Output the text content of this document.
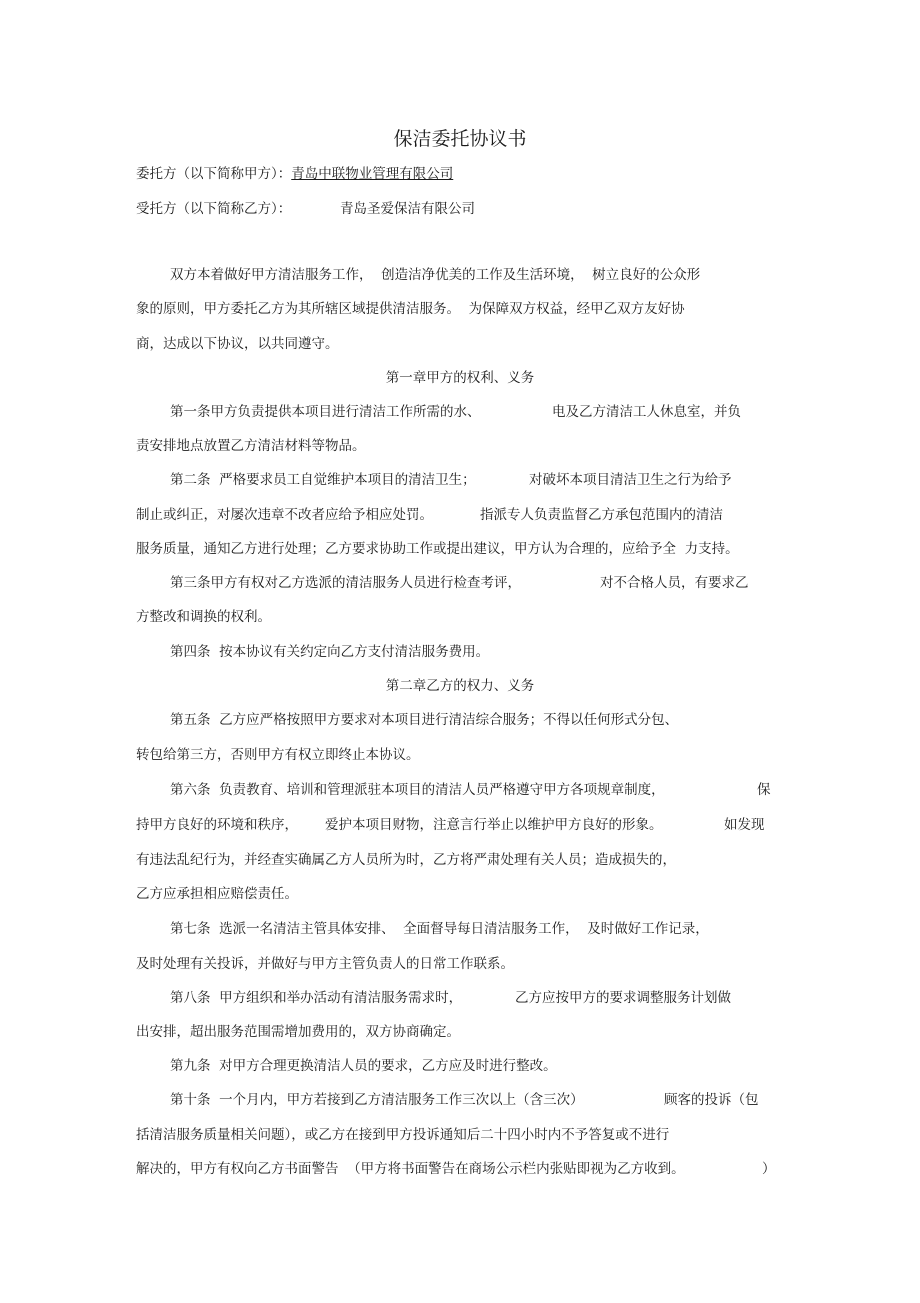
保洁委托协议书
委托方（以下简称甲方）：青岛中联物业管理有限公司
受托方（以下简称乙方）：	青岛圣爱保洁有限公司
双方本着做好甲方清洁服务工作，  创造洁净优美的工作及生活环境，  树立良好的公众形
象的原则，甲方委托乙方为其所辖区域提供清洁服务。  为保障双方权益，经甲乙双方友好协
商，达成以下协议，以共同遵守。
第一章甲方的权利、义务
第一条甲方负责提供本项目进行清洁工作所需的水、	电及乙方清洁工人休息室，并负
责安排地点放置乙方清洁材料等物品。
第二条  严格要求员工自觉维护本项目的清洁卫生；	对破坏本项目清洁卫生之行为给予
制止或纠正，对屡次违章不改者应给予相应处罚。	指派专人负责监督乙方承包范围内的清洁
服务质量，通知乙方进行处理；乙方要求协助工作或提出建议，甲方认为合理的，应给予全  力支持。
第三条甲方有权对乙方选派的清洁服务人员进行检查考评，	对不合格人员，有要求乙
方整改和调换的权利。
第四条  按本协议有关约定向乙方支付清洁服务费用。
第二章乙方的权力、义务
第五条  乙方应严格按照甲方要求对本项目进行清洁综合服务；不得以任何形式分包、
转包给第三方，否则甲方有权立即终止本协议。
第六条  负责教育、培训和管理派驻本项目的清洁人员严格遵守甲方各项规章制度，	保
持甲方良好的环境和秩序， 爱护本项目财物，注意言行举止以维护甲方良好的形象。	如发现
有违法乱纪行为，并经查实确属乙方人员所为时，乙方将严肃处理有关人员；造成损失的，
乙方应承担相应赔偿责任。
第七条  选派一名清洁主管具体安排、  全面督导每日清洁服务工作，  及时做好工作记录，
及时处理有关投诉，并做好与甲方主管负责人的日常工作联系。
第八条  甲方组织和举办活动有清洁服务需求时，	乙方应按甲方的要求调整服务计划做
出安排，超出服务范围需增加费用的，双方协商确定。
第九条  对甲方合理更换清洁人员的要求，乙方应及时进行整改。
第十条  一个月内，甲方若接到乙方清洁服务工作三次以上（含三次）	顾客的投诉（包
括清洁服务质量相关问题），或乙方在接到甲方投诉通知后二十四小时内不予答复或不进行
解决的，甲方有权向乙方书面警告  （甲方将书面警告在商场公示栏内张贴即视为乙方收到。	）
